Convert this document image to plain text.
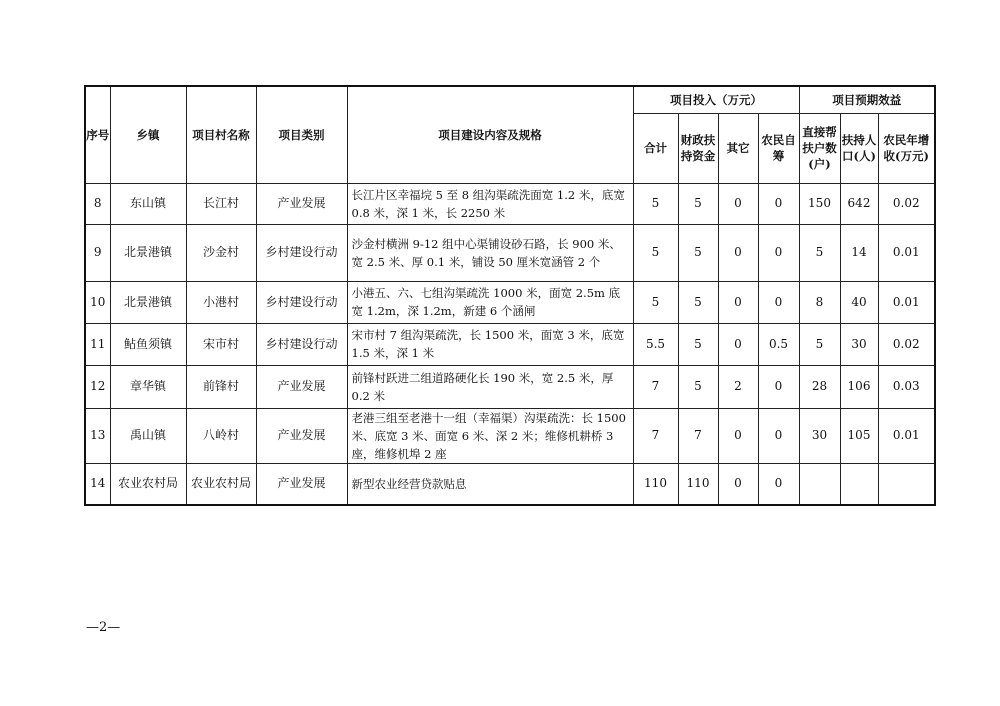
序号	乡镇	项目村名称	项目类别	项目建设内容及规格	项目投入（万元）				项目预期效益		
					合计	财政扶持资金	其它	农民自筹	直接帮扶户数(户)	扶持人口(人)	农民年增收(万元)
8	东山镇	长江村	产业发展	长江片区幸福垸 5 至 8 组沟渠疏洗面宽 1.2 米，底宽 0.8 米，深 1 米，长 2250 米	5	5	0	0	150	642	0.02
9	北景港镇	沙金村	乡村建设行动	沙金村横洲 9-12 组中心渠铺设砂石路，长 900 米、宽 2.5 米、厚 0.1 米，铺设 50 厘米宽涵管 2 个	5	5	0	0	5	14	0.01
10	北景港镇	小港村	乡村建设行动	小港五、六、七组沟渠疏洗 1000 米，面宽 2.5m 底宽 1.2m，深 1.2m，新建 6 个涵闸	5	5	0	0	8	40	0.01
11	鲇鱼须镇	宋市村	乡村建设行动	宋市村 7 组沟渠疏洗，长 1500 米，面宽 3 米，底宽 1.5 米，深 1 米	5.5	5	0	0.5	5	30	0.02
12	章华镇	前锋村	产业发展	前锋村跃进二组道路硬化长 190 米，宽 2.5 米，厚 0.2 米	7	5	2	0	28	106	0.03
13	禹山镇	八岭村	产业发展	老港三组至老港十一组（幸福渠）沟渠疏洗：长 1500 米、底宽 3 米、面宽 6 米、深 2 米；维修机耕桥 3 座，维修机埠 2 座	7	7	0	0	30	105	0.01
14	农业农村局	农业农村局	产业发展	新型农业经营贷款贴息	110	110	0	0			
—2—
